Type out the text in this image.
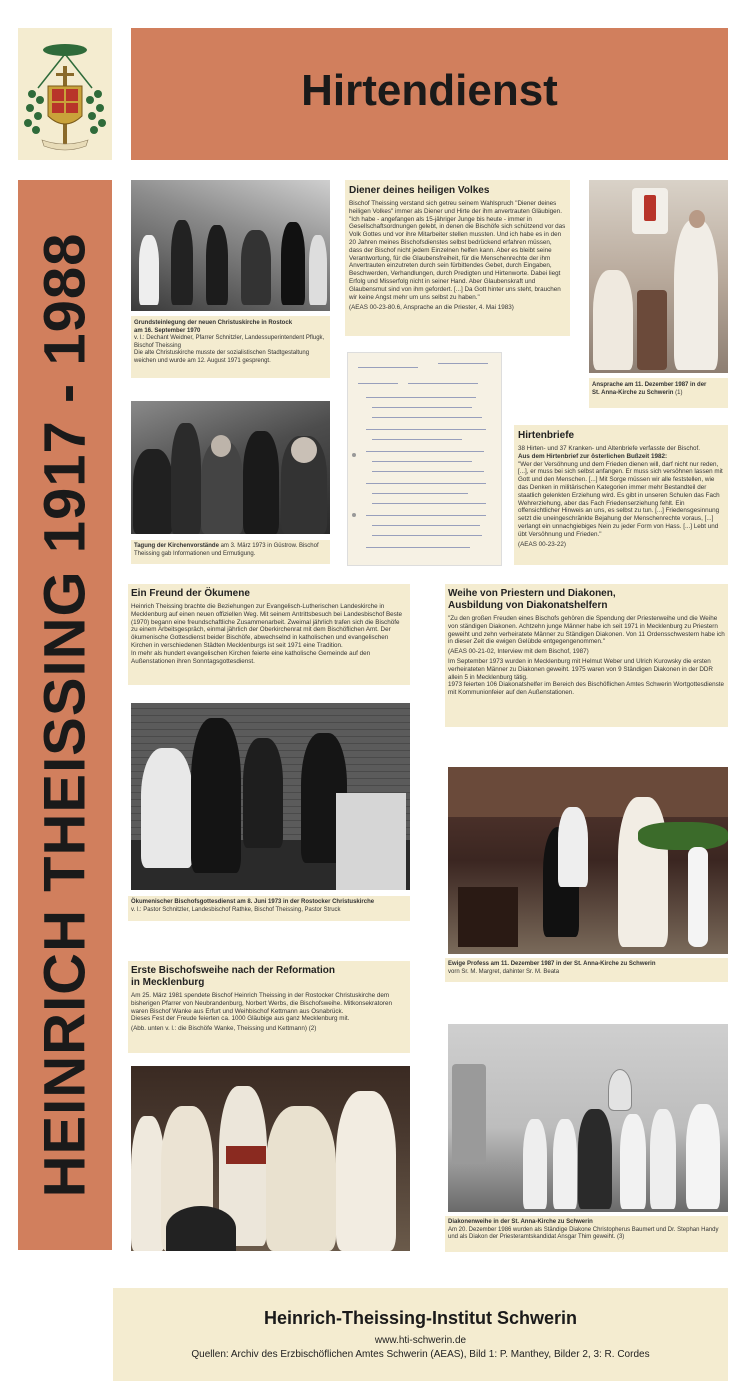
Hirtendienst
HEINRICH THEISSING 1917 - 1988	Grundsteinlegung der neuen Christuskirche in Rostock
am 16. September 1970
v. l.: Dechant Weidner, Pfarrer Schnitzler, Landessuperintendent Pflugk, Bischof Theissing
Die alte Christuskirche musste der sozialistischen Stadtgestaltung weichen und wurde am 12. August 1971 gesprengt.
Diener deines heiligen Volkes
Bischof Theissing verstand sich getreu seinem Wahlspruch "Diener deines heiligen Volkes" immer als Diener und Hirte der ihm anvertrauten Gläubigen. "Ich habe - angefangen als 15-jähriger Junge bis heute - immer in Gesellschaftsordnungen gelebt, in denen die Bischöfe sich schützend vor das Volk Gottes und vor ihre Mitarbeiter stellen mussten. Und ich habe es in den 20 Jahren meines Bischofsdienstes selbst bedrückend erfahren müssen, dass der Bischof nicht jedem Einzelnen helfen kann. Aber es bleibt seine Verantwortung, für die Glaubensfreiheit, für die Menschenrechte der ihm Anvertrauten einzutreten durch sein fürbittendes Gebet, durch Eingaben, Beschwerden, Verhandlungen, durch Predigten und Hirtenworte. Dabei liegt Erfolg und Misserfolg nicht in seiner Hand. Aber Glaubenskraft und Glaubensmut sind von ihm gefordert. [...] Da Gott hinter uns steht, brauchen wir keine Angst mehr um uns selbst zu haben."
(AEAS 00-23-80.6, Ansprache an die Priester, 4. Mai 1983)
Ansprache am 11. Dezember 1987 in der
St. Anna-Kirche zu Schwerin (1)
Tagung der Kirchenvorstände am 3. März 1973 in Güstrow. Bischof Theissing gab Informationen und Ermutigung.
Hirtenbriefe
38 Hirten- und 37 Kranken- und Altenbriefe verfasste der Bischof.
Aus dem Hirtenbrief zur österlichen Bußzeit 1982:
"Wer der Versöhnung und dem Frieden dienen will, darf nicht nur reden, [...], er muss bei sich selbst anfangen. Er muss sich versöhnen lassen mit Gott und den Menschen. [...] Mit Sorge müssen wir alle feststellen, wie das Denken in militärischen Kategorien immer mehr Bestandteil der staatlich gelenkten Erziehung wird. Es gibt in unseren Schulen das Fach Wehrerziehung, aber das Fach Friedenserziehung fehlt. Ein offensichtlicher Hinweis an uns, es selbst zu tun. [...] Friedensgesinnung setzt die uneingeschränkte Bejahung der Menschenrechte voraus, [...] verlangt ein unnachgiebiges Nein zu jeder Form von Hass. [...] Lebt und übt Versöhnung und Frieden."
(AEAS 00-23-22)
Ein Freund der Ökumene
Heinrich Theissing brachte die Beziehungen zur Evangelisch-Lutherischen Landeskirche in Mecklenburg auf einen neuen offiziellen Weg. Mit seinem Antrittsbesuch bei Landesbischof Beste (1970) begann eine freundschaftliche Zusammenarbeit. Zweimal jährlich trafen sich die Bischöfe zu einem Arbeitsgespräch, einmal jährlich der Oberkirchenrat mit dem Bischöflichen Amt. Der ökumenische Gottesdienst beider Bischöfe, abwechselnd in katholischen und evangelischen Kirchen in verschiedenen Städten Mecklenburgs ist seit 1971 eine Tradition.
In mehr als hundert evangelischen Kirchen feierte eine katholische Gemeinde auf den Außenstationen ihren Sonntagsgottesdienst.
Weihe von Priestern und Diakonen,
Ausbildung von Diakonatshelfern
"Zu den großen Freuden eines Bischofs gehören die Spendung der Priesterweihe und die Weihe von ständigen Diakonen. Achtzehn junge Männer habe ich seit 1971 in Mecklenburg zu Priestern geweiht und zehn verheiratete Männer zu Ständigen Diakonen. Von 11 Ordensschwestern habe ich in dieser Zeit die ewigen Gelübde entgegengenommen."
(AEAS 00-21-02, Interview mit dem Bischof, 1987)
Im September 1973 wurden in Mecklenburg mit Helmut Weber und Ulrich Kurowsky die ersten verheirateten Männer zu Diakonen geweiht. 1975 waren von 9 Ständigen Diakonen in der DDR allein 5 in Mecklenburg tätig.
1973 feierten 106 Diakonatshelfer im Bereich des Bischöflichen Amtes Schwerin Wortgottesdienste mit Kommunionfeier auf den Außenstationen.
Ökumenischer Bischofsgottesdienst am 8. Juni 1973 in der Rostocker Christuskirche
v. l.: Pastor Schnitzler, Landesbischof Rathke, Bischof Theissing, Pastor Struck
Ewige Profess am 11. Dezember 1987 in der St. Anna-Kirche zu Schwerin
vorn Sr. M. Margret, dahinter Sr. M. Beata
Erste Bischofsweihe nach der Reformation
in Mecklenburg
Am 25. März 1981 spendete Bischof Heinrich Theissing in der Rostocker Christuskirche dem bisherigen Pfarrer von Neubrandenburg, Norbert Werbs, die Bischofsweihe. Mitkonsekratoren waren Bischof Wanke aus Erfurt und Weihbischof Kettmann aus Osnabrück.
Dieses Fest der Freude feierten ca. 1000 Gläubige aus ganz Mecklenburg mit.
(Abb. unten v. l.: die Bischöfe Wanke, Theissing und Kettmann) (2)
Diakonenweihe in der St. Anna-Kirche zu Schwerin
Am 20. Dezember 1986 wurden als Ständige Diakone Christopherus Baumert und Dr. Stephan Handy und als Diakon der Priesteramtskandidat Ansgar Thim geweiht. (3)
Heinrich-Theissing-Institut Schwerin
www.hti-schwerin.de
Quellen: Archiv des Erzbischöflichen Amtes Schwerin (AEAS), Bild 1: P. Manthey, Bilder 2, 3: R. Cordes
